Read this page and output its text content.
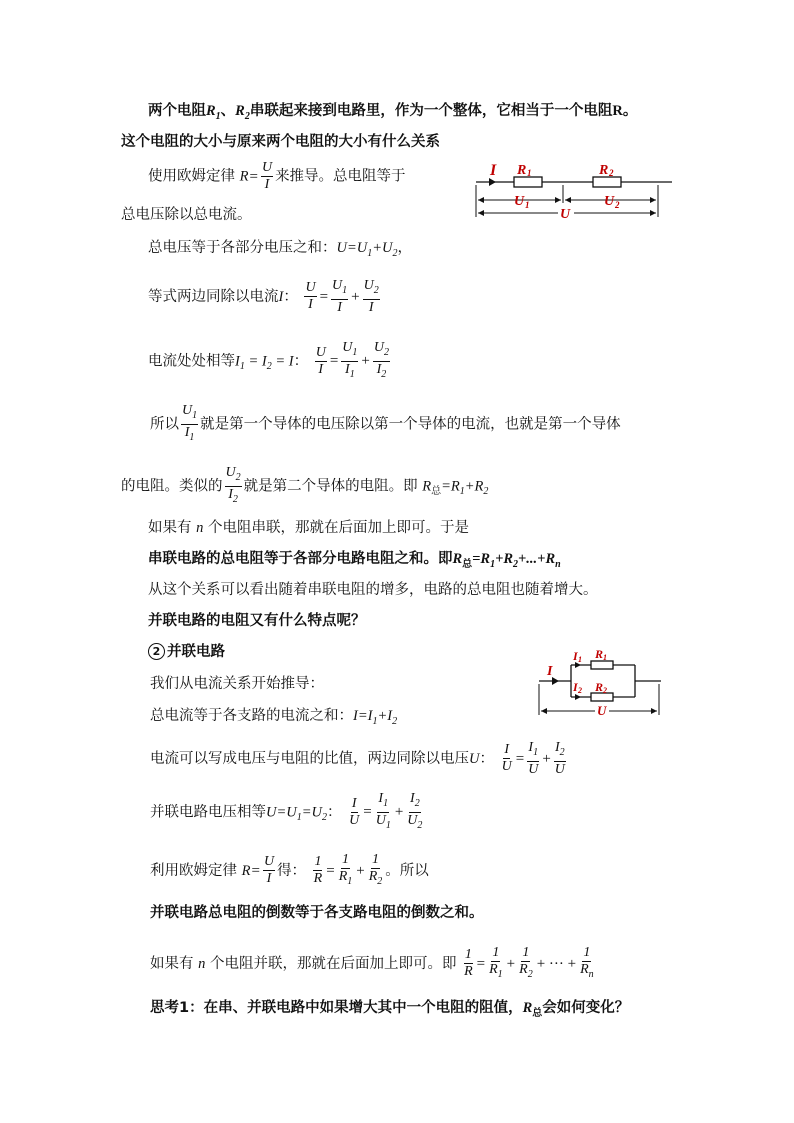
两个电阻$R_1$、$R_2$串联起来接到电路里，作为一个整体，它相当于一个电阻R。
这个电阻的大小与原来两个电阻的大小有什么关系
使用欧姆定律 $R= \frac{U}{I}$ 来推导。总电阻等于
总电压除以总电流。
I R 1	R 2
U 1	U 2
U
总电压等于各部分电压之和：$U=U_1+U_2$，
等式两边同除以电流I： $\frac{U}{I} = \frac{U_1}{I} + \frac{U_2}{I}$
电流处处相等$I_1 = I_2 = I$： $\frac{U}{I} = \frac{U_1}{I_1} + \frac{U_2}{I_2}$
所以 $\frac{U_1}{I_1}$ 就是第一个导体的电压除以第一个导体的电流，也就是第一个导体
的电阻。类似的 $\frac{U_2}{I_2}$ 就是第二个导体的电阻。即 $R_总=R_1+R_2$
如果有 n 个电阻串联，那就在后面加上即可。于是
串联电路的总电阻等于各部分电路电阻之和。即$R_总=R_1+R_2+...+R_n$
从这个关系可以看出随着串联电阻的增多，电路的总电阻也随着增大。
并联电路的电阻又有什么特点呢？
2 并联电路
I
I 1
I 2
R 1
R 2
U
我们从电流关系开始推导：
总电流等于各支路的电流之和：$I=I_1+I_2$
电流可以写成电压与电阻的比值，两边同除以电压U： $\frac{I}{U} = \frac{I_1}{U} + \frac{I_2}{U}$
并联电路电压相等$U=U_1=U_2$： $\frac{I}{U} = \frac{I_1}{U_1} + \frac{I_2}{U_2}$
利用欧姆定律 $R= \frac{U}{I}$ 得： $\frac{1}{R} = \frac{1}{R_1} + \frac{1}{R_2}$ 。所以
并联电路总电阻的倒数等于各支路电阻的倒数之和。
如果有 n 个电阻并联，那就在后面加上即可。即 $\frac{1}{R} = \frac{1}{R_1} + \frac{1}{R_2}$ + ··· + $\frac{1}{R_n}$
思考1：在串、并联电路中如果增大其中一个电阻的阻值，$R_总$会如何变化？
